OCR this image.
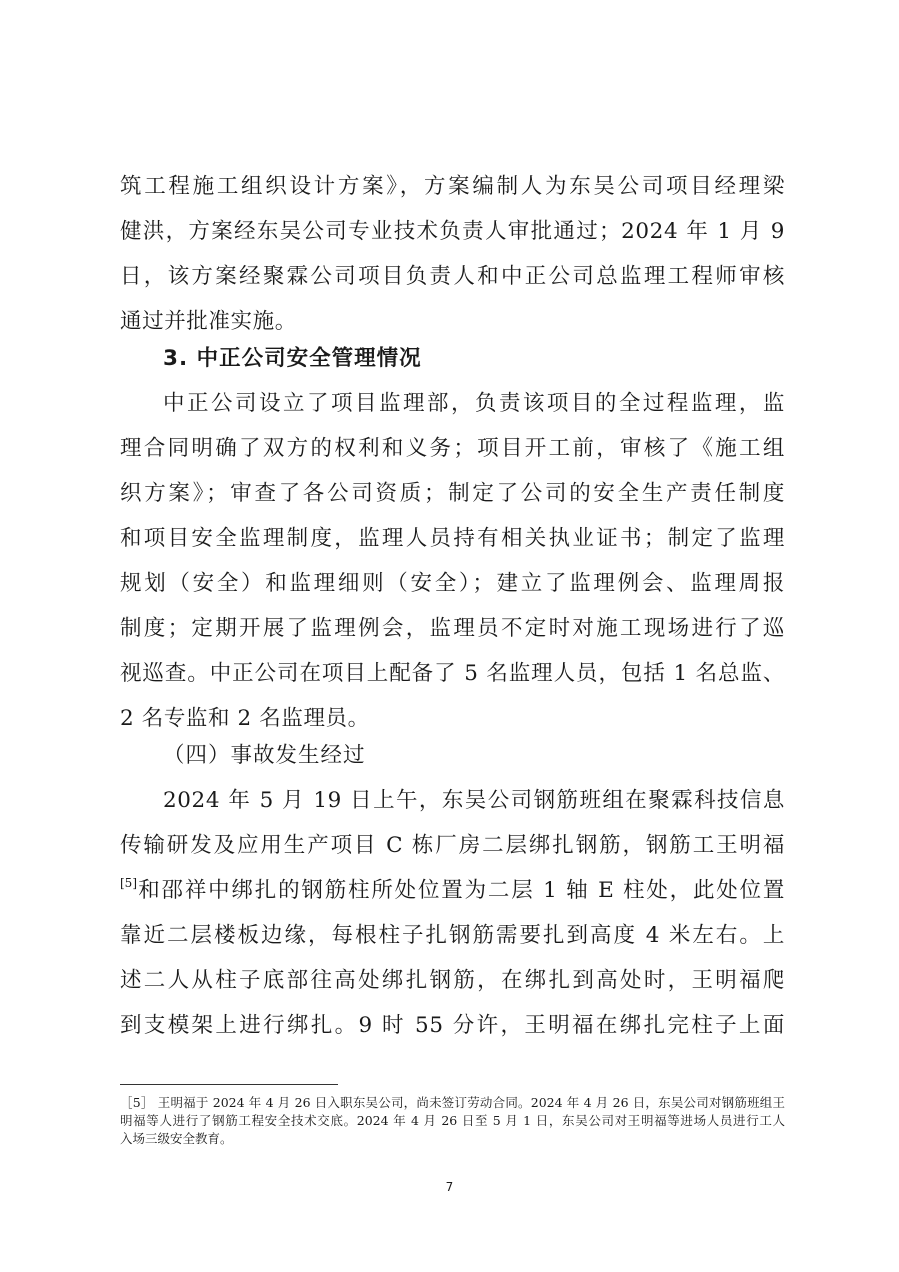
筑工程施工组织设计方案》，方案编制人为东吴公司项目经理梁
健洪，方案经东吴公司专业技术负责人审批通过；2024 年 1 月 9
日，该方案经聚霖公司项目负责人和中正公司总监理工程师审核
通过并批准实施。
3. 中正公司安全管理情况
中正公司设立了项目监理部，负责该项目的全过程监理，监
理合同明确了双方的权利和义务；项目开工前，审核了《施工组
织方案》；审查了各公司资质；制定了公司的安全生产责任制度
和项目安全监理制度，监理人员持有相关执业证书；制定了监理
规划（安全）和监理细则（安全）；建立了监理例会、监理周报
制度；定期开展了监理例会，监理员不定时对施工现场进行了巡
视巡查。中正公司在项目上配备了 5 名监理人员，包括 1 名总监、
2 名专监和 2 名监理员。
（四）事故发生经过
2024 年 5 月 19 日上午，东吴公司钢筋班组在聚霖科技信息
传输研发及应用生产项目 C 栋厂房二层绑扎钢筋，钢筋工王明福
[5]和邵祥中绑扎的钢筋柱所处位置为二层 1 轴 E 柱处，此处位置
靠近二层楼板边缘，每根柱子扎钢筋需要扎到高度 4 米左右。上
述二人从柱子底部往高处绑扎钢筋，在绑扎到高处时，王明福爬
到支模架上进行绑扎。9 时 55 分许，王明福在绑扎完柱子上面
［5］ 王明福于 2024 年 4 月 26 日入职东吴公司，尚未签订劳动合同。2024 年 4 月 26 日，东吴公司对钢筋班组王
明福等人进行了钢筋工程安全技术交底。2024 年 4 月 26 日至 5 月 1 日，东吴公司对王明福等进场人员进行工人
入场三级安全教育。
7
